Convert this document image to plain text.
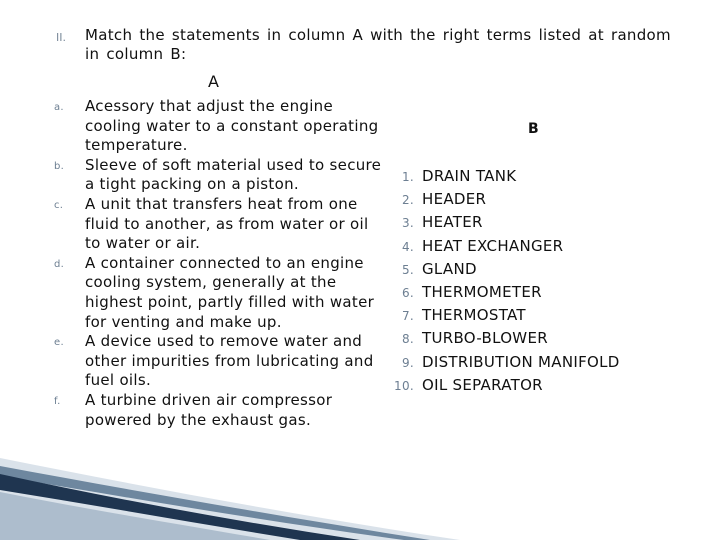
II. Match the statements in column A with the right terms listed at random in column B:
A
B
a. Acessory that adjust the engine cooling water to a constant operating temperature.
b. Sleeve of soft material used to secure a tight packing on a piston.
c. A unit that transfers heat from one fluid to another, as from water or oil to water or air.
d. A container connected to an engine cooling system, generally at the highest point, partly filled with water for venting and make up.
e. A device used to remove water and other impurities from lubricating and fuel oils.
f. A turbine driven air compressor powered by the exhaust gas.
1. DRAIN TANK
2. HEADER
3. HEATER
4. HEAT EXCHANGER
5. GLAND
6. THERMOMETER
7. THERMOSTAT
8. TURBO-BLOWER
9. DISTRIBUTION MANIFOLD
10. OIL SEPARATOR
